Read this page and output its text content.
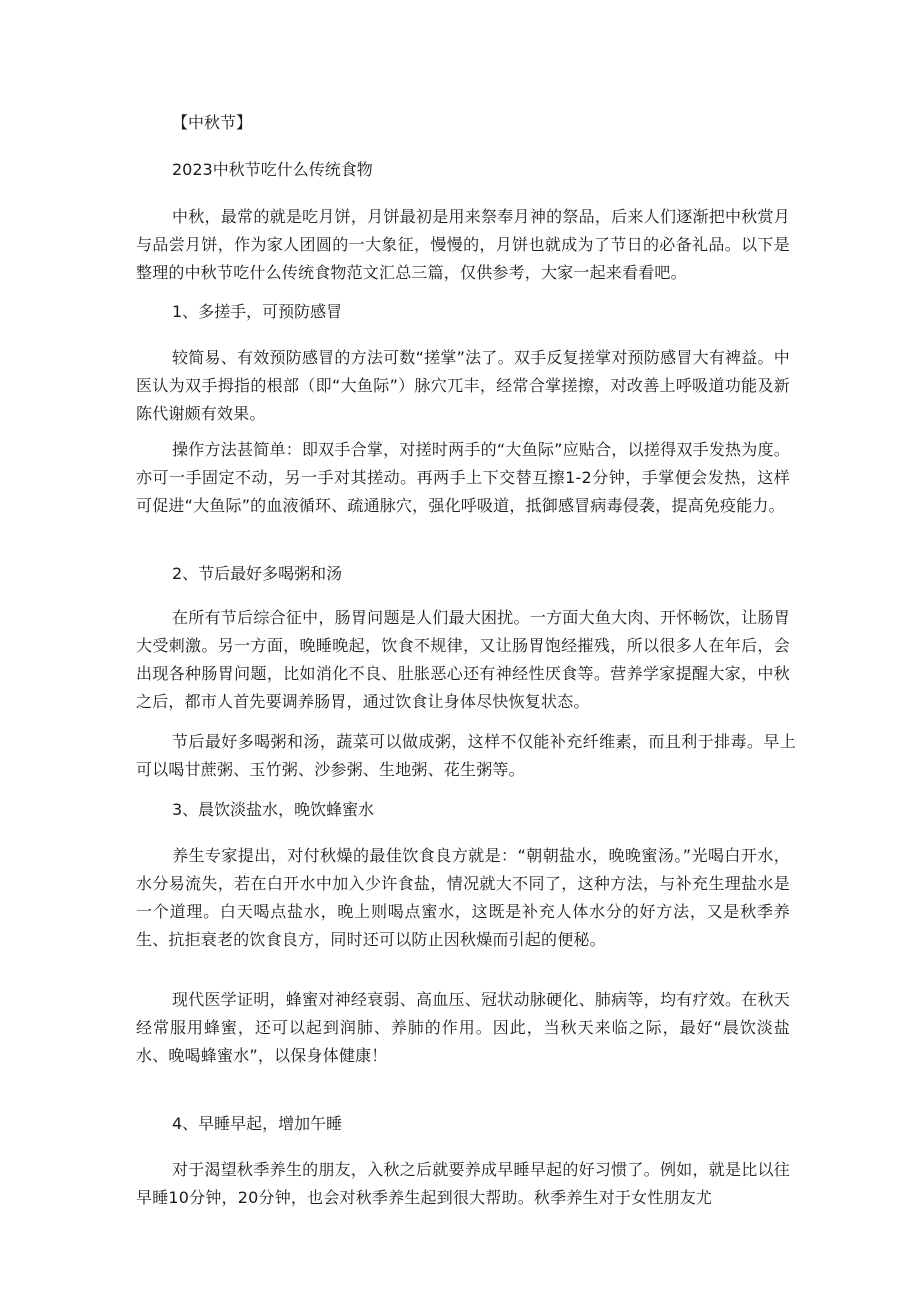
【中秋节】

2023中秋节吃什么传统食物

中秋，最常的就是吃月饼，月饼最初是用来祭奉月神的祭品，后来人们逐渐把中秋赏月与品尝月饼，作为家人团圆的一大象征，慢慢的，月饼也就成为了节日的必备礼品。以下是整理的中秋节吃什么传统食物范文汇总三篇，仅供参考，大家一起来看看吧。

1、多搓手，可预防感冒

较简易、有效预防感冒的方法可数“搓掌”法了。双手反复搓掌对预防感冒大有裨益。中医认为双手拇指的根部（即“大鱼际”）脉穴兀丰，经常合掌搓擦，对改善上呼吸道功能及新陈代谢颇有效果。

操作方法甚简单：即双手合掌，对搓时两手的“大鱼际”应贴合，以搓得双手发热为度。亦可一手固定不动，另一手对其搓动。再两手上下交替互擦1-2分钟，手掌便会发热，这样可促进“大鱼际”的血液循环、疏通脉穴，强化呼吸道，抵御感冒病毒侵袭，提高免疫能力。

2、节后最好多喝粥和汤

在所有节后综合征中，肠胃问题是人们最大困扰。一方面大鱼大肉、开怀畅饮，让肠胃大受刺激。另一方面，晚睡晚起，饮食不规律，又让肠胃饱经摧残，所以很多人在年后，会出现各种肠胃问题，比如消化不良、肚胀恶心还有神经性厌食等。营养学家提醒大家，中秋之后，都市人首先要调养肠胃，通过饮食让身体尽快恢复状态。

节后最好多喝粥和汤，蔬菜可以做成粥，这样不仅能补充纤维素，而且利于排毒。早上可以喝甘蔗粥、玉竹粥、沙参粥、生地粥、花生粥等。

3、晨饮淡盐水，晚饮蜂蜜水

养生专家提出，对付秋燥的最佳饮食良方就是：“朝朝盐水，晚晚蜜汤。”光喝白开水，水分易流失，若在白开水中加入少许食盐，情况就大不同了，这种方法，与补充生理盐水是一个道理。白天喝点盐水，晚上则喝点蜜水，这既是补充人体水分的好方法，又是秋季养生、抗拒衰老的饮食良方，同时还可以防止因秋燥而引起的便秘。

现代医学证明，蜂蜜对神经衰弱、高血压、冠状动脉硬化、肺病等，均有疗效。在秋天经常服用蜂蜜，还可以起到润肺、养肺的作用。因此，当秋天来临之际，最好“晨饮淡盐水、晚喝蜂蜜水”，以保身体健康！

4、早睡早起，增加午睡

对于渴望秋季养生的朋友，入秋之后就要养成早睡早起的好习惯了。例如，就是比以往早睡10分钟，20分钟，也会对秋季养生起到很大帮助。秋季养生对于女性朋友尤
